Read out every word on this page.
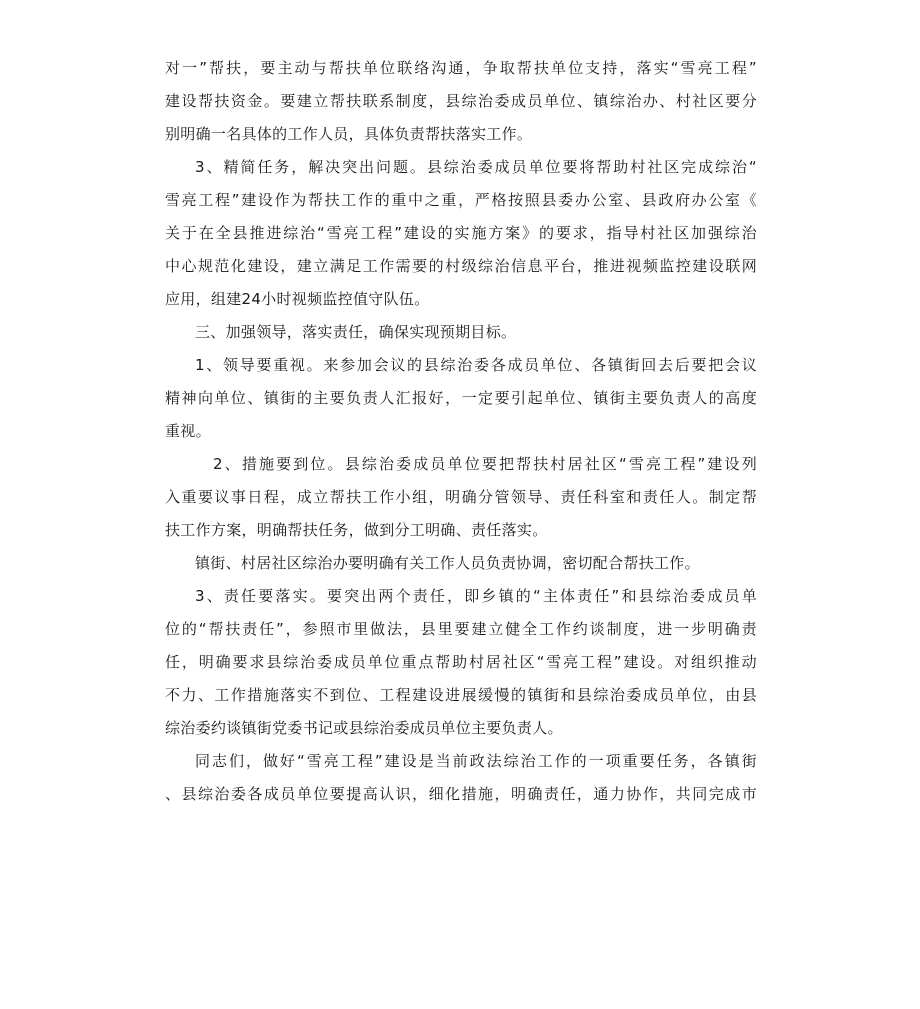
对一”帮扶，要主动与帮扶单位联络沟通，争取帮扶单位支持，落实“雪亮工程”
建设帮扶资金。要建立帮扶联系制度，县综治委成员单位、镇综治办、村社区要分
别明确一名具体的工作人员，具体负责帮扶落实工作。
3、精简任务，解决突出问题。县综治委成员单位要将帮助村社区完成综治“
雪亮工程”建设作为帮扶工作的重中之重，严格按照县委办公室、县政府办公室《
关于在全县推进综治“雪亮工程”建设的实施方案》的要求，指导村社区加强综治
中心规范化建设，建立满足工作需要的村级综治信息平台，推进视频监控建设联网
应用，组建24小时视频监控值守队伍。
三、加强领导，落实责任，确保实现预期目标。
1、领导要重视。来参加会议的县综治委各成员单位、各镇街回去后要把会议
精神向单位、镇街的主要负责人汇报好，一定要引起单位、镇街主要负责人的高度
重视。
2、措施要到位。县综治委成员单位要把帮扶村居社区“雪亮工程”建设列
入重要议事日程，成立帮扶工作小组，明确分管领导、责任科室和责任人。制定帮
扶工作方案，明确帮扶任务，做到分工明确、责任落实。
镇街、村居社区综治办要明确有关工作人员负责协调，密切配合帮扶工作。
3、责任要落实。要突出两个责任，即乡镇的“主体责任”和县综治委成员单
位的“帮扶责任”，参照市里做法，县里要建立健全工作约谈制度，进一步明确责
任，明确要求县综治委成员单位重点帮助村居社区“雪亮工程”建设。对组织推动
不力、工作措施落实不到位、工程建设进展缓慢的镇街和县综治委成员单位，由县
综治委约谈镇街党委书记或县综治委成员单位主要负责人。
同志们，做好“雪亮工程”建设是当前政法综治工作的一项重要任务，各镇街
、县综治委各成员单位要提高认识，细化措施，明确责任，通力协作，共同完成市
